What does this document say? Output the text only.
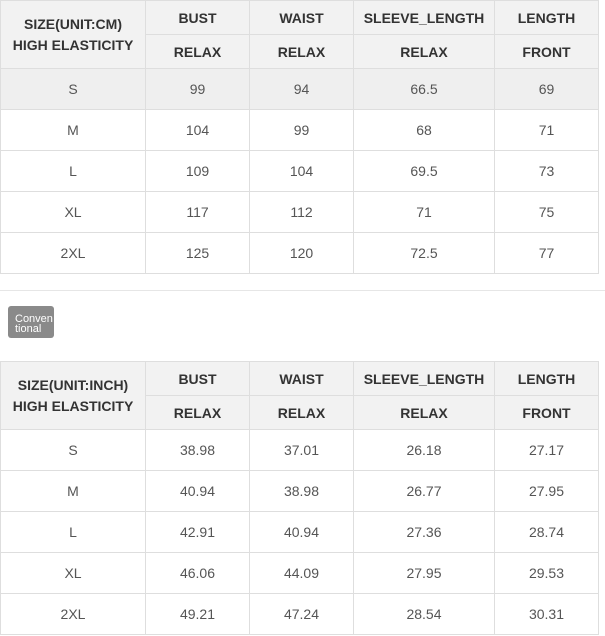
SIZE(UNIT:CM)
HIGH ELASTICITY	BUST	WAIST	SLEEVE_LENGTH	LENGTH
	RELAX	RELAX	RELAX	FRONT
S	99	94	66.5	69
M	104	99	68	71
L	109	104	69.5	73
XL	117	112	71	75
2XL	125	120	72.5	77
Conventional
SIZE(UNIT:INCH)
HIGH ELASTICITY	BUST	WAIST	SLEEVE_LENGTH	LENGTH
	RELAX	RELAX	RELAX	FRONT
S	38.98	37.01	26.18	27.17
M	40.94	38.98	26.77	27.95
L	42.91	40.94	27.36	28.74
XL	46.06	44.09	27.95	29.53
2XL	49.21	47.24	28.54	30.31
